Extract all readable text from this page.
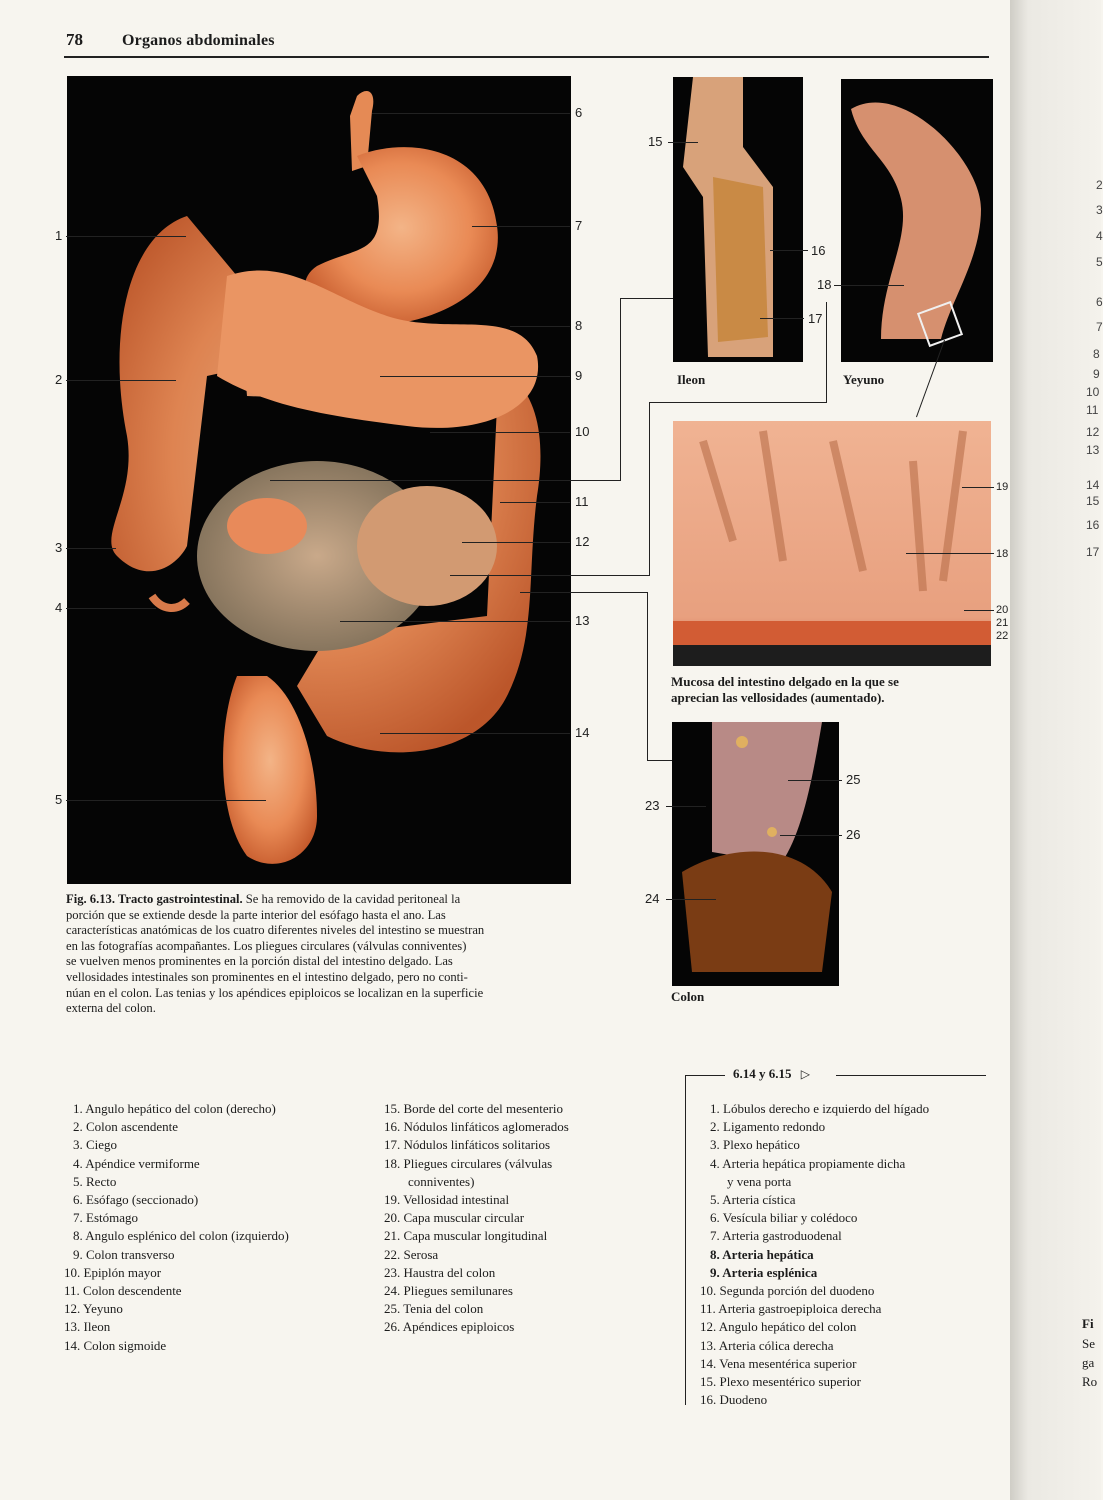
78 Organos abdominales
1
2
3
4
5
6
7
8
9
10
11
12
13
14
15
16
17
Ileon
18
Yeyuno
19
18
20
21
22
Mucosa del intestino delgado en la que se
aprecian las vellosidades (aumentado).
25
26
23
24
Colon
Fig. 6.13. Tracto gastrointestinal. Se ha removido de la cavidad peritoneal la
porción que se extiende desde la parte interior del esófago hasta el ano. Las
características anatómicas de los cuatro diferentes niveles del intestino se muestran
en las fotografías acompañantes. Los pliegues circulares (válvulas conniventes)
se vuelven menos prominentes en la porción distal del intestino delgado. Las
vellosidades intestinales son prominentes en el intestino delgado, pero no conti-
núan en el colon. Las tenias y los apéndices epiploicos se localizan en la superficie
externa del colon.
1. Angulo hepático del colon (derecho)
2. Colon ascendente
3. Ciego
4. Apéndice vermiforme
5. Recto
6. Esófago (seccionado)
7. Estómago
8. Angulo esplénico del colon (izquierdo)
9. Colon transverso
10. Epiplón mayor
11. Colon descendente
12. Yeyuno
13. Ileon
14. Colon sigmoide
15. Borde del corte del mesenterio
16. Nódulos linfáticos aglomerados
17. Nódulos linfáticos solitarios
18. Pliegues circulares (válvulas
conniventes)
19. Vellosidad intestinal
20. Capa muscular circular
21. Capa muscular longitudinal
22. Serosa
23. Haustra del colon
24. Pliegues semilunares
25. Tenia del colon
26. Apéndices epiploicos
6.14 y 6.15 ▷
1. Lóbulos derecho e izquierdo del hígado
2. Ligamento redondo
3. Plexo hepático
4. Arteria hepática propiamente dicha
y vena porta
5. Arteria cística
6. Vesícula biliar y colédoco
7. Arteria gastroduodenal
8. Arteria hepática
9. Arteria esplénica
10. Segunda porción del duodeno
11. Arteria gastroepiploica derecha
12. Angulo hepático del colon
13. Arteria cólica derecha
14. Vena mesentérica superior
15. Plexo mesentérico superior
16. Duodeno
2
3
4
5
6
7
8
9
10
11
12
13
14
15
16
17
Fi
Se
ga
Ro
